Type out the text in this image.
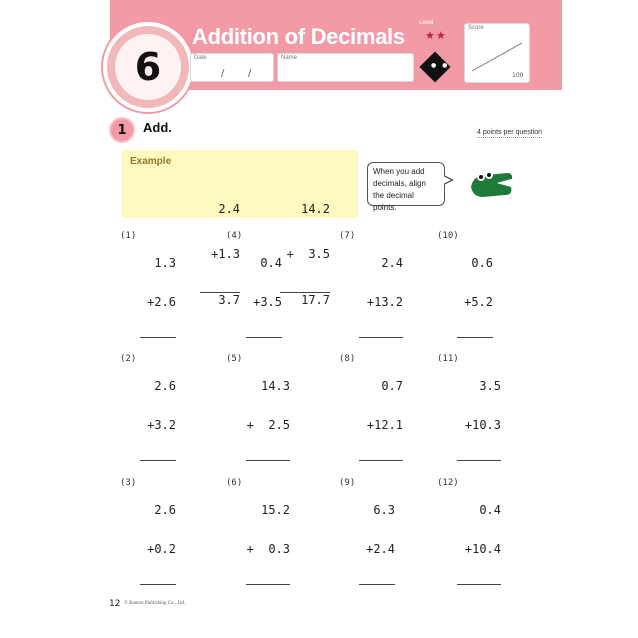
6
Addition of Decimals
Level
★★
Date
/ /
Name
● ●
Score
100
1 Add.	4 points per question
Example

2.4

+1.3

3.7

14.2

+  3.5

17.7

When you add decimals, align the decimal points.
(1)

1.3

+2.6

(2)

2.6

+3.2

(3)

2.6

+0.2

(4)

0.4

+3.5

(5)

14.3

+  2.5

(6)

15.2

+  0.3

(7)

2.4

+13.2

(8)

0.7

+12.1

(9)

6.3

+2.4

(10)

0.6

+5.2

(11)

3.5

+10.3

(12)

0.4

+10.4

12 © Kumon Publishing Co., Ltd.
